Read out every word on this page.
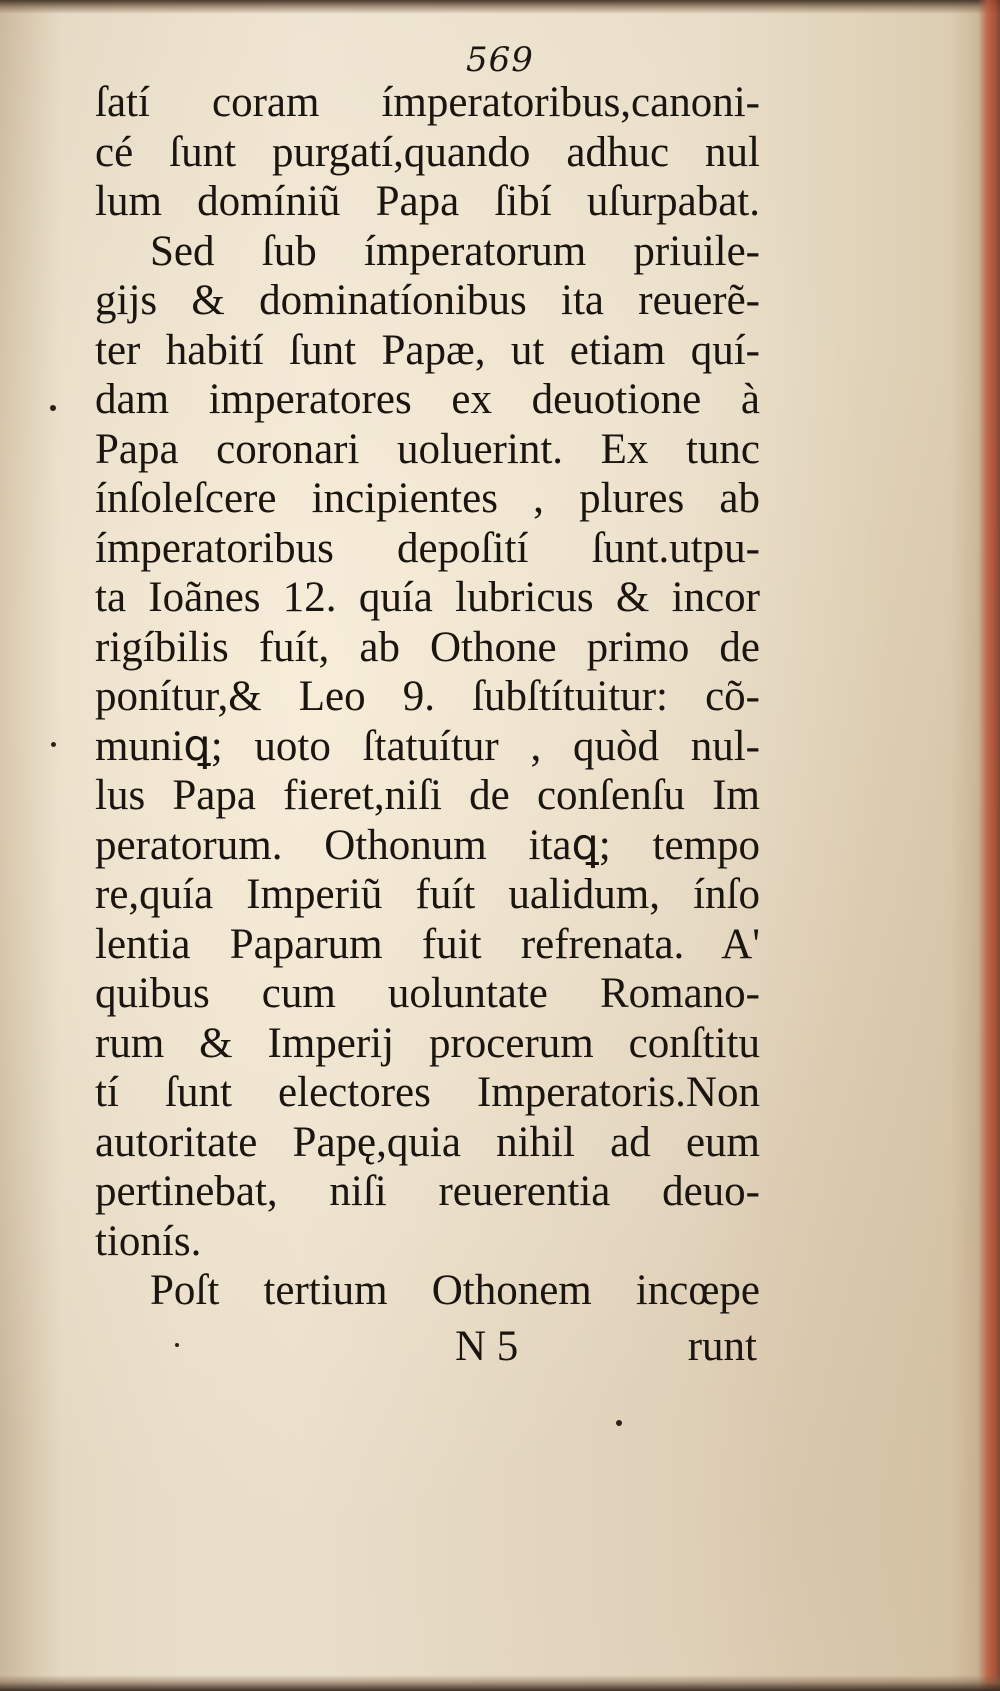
569
ſatí coram ímperatoribus,canoni-
cé ſunt purgatí,quando adhuc nul
lum domíniũ Papa ſibí uſurpabat.
Sed ſub ímperatorum priuile-
gijs & dominatíonibus ita reuerẽ-
ter habití ſunt Papæ, ut etiam quí-
dam imperatores ex deuotione à
Papa coronari uoluerint. Ex tunc
ínſoleſcere incipientes , plures ab
ímperatoribus depoſití ſunt.utpu-
ta Ioãnes 12. quía lubricus & incor
rigíbilis fuít, ab Othone primo de
ponítur,& Leo 9. ſubſtítuitur: cõ-
muniꝗ; uoto ſtatuítur , quòd nul-
lus Papa fieret,niſi de conſenſu Im
peratorum. Othonum itaꝗ; tempo
re,quía Imperiũ fuít ualidum, ínſo
lentia Paparum fuit refrenata. A'
quibus cum uoluntate Romano-
rum & Imperij procerum conſtitu
tí ſunt electores Imperatoris.Non
autoritate Papę,quia nihil ad eum
pertinebat, niſi reuerentia deuo-
tionís.
Poſt tertium Othonem incœpe
N 5	runt
